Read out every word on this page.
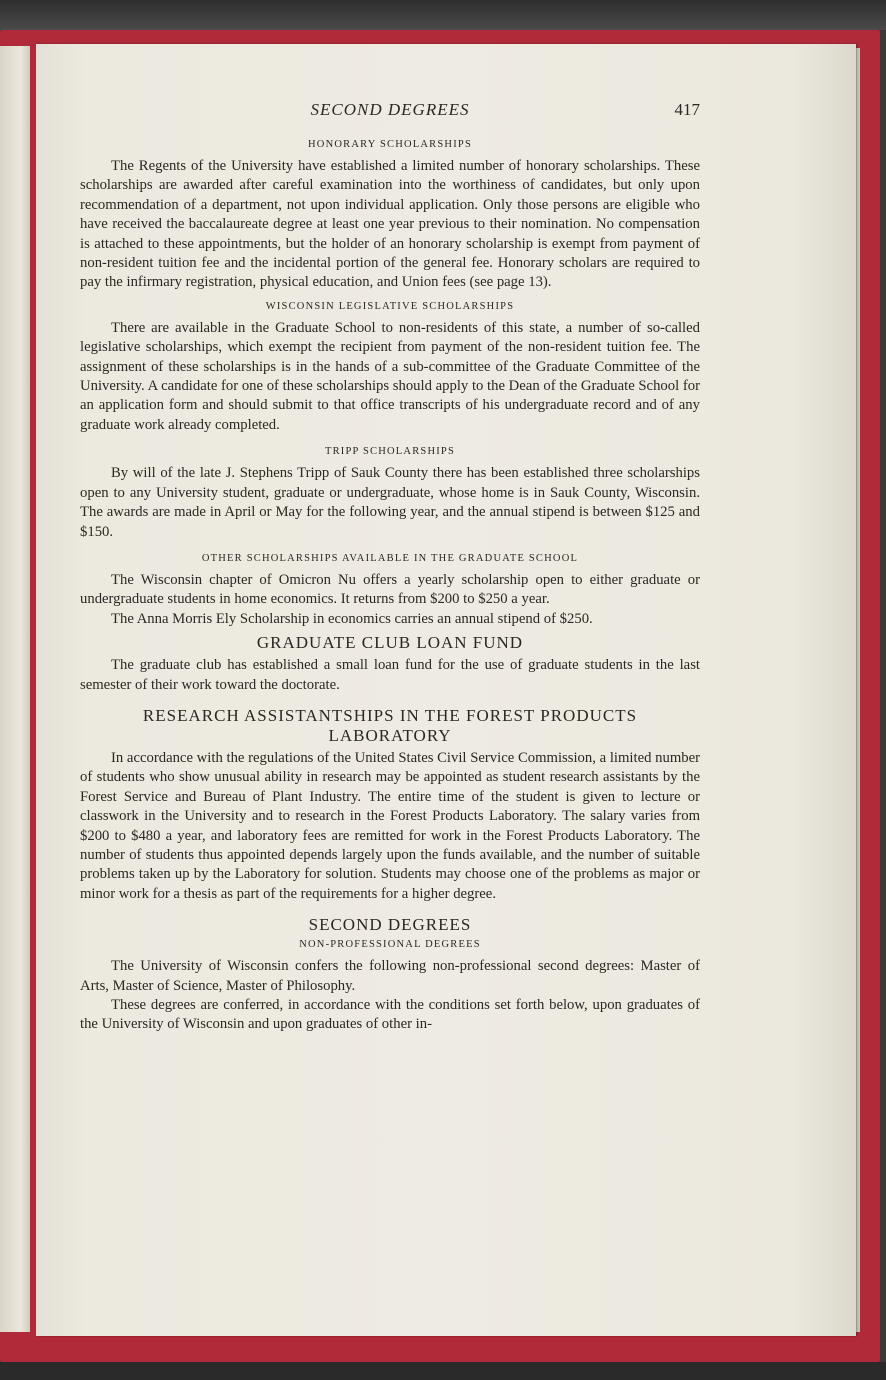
SECOND DEGREES	417
HONORARY SCHOLARSHIPS

The Regents of the University have established a limited number of honorary scholarships. These scholarships are awarded after careful examination into the worthiness of candidates, but only upon recommendation of a department, not upon individual application. Only those persons are eligible who have received the baccalaureate degree at least one year previous to their nomination. No compensation is attached to these appointments, but the holder of an honorary scholarship is exempt from payment of non-resident tuition fee and the incidental portion of the general fee. Honorary scholars are required to pay the infirmary registration, physical education, and Union fees (see page 13).

WISCONSIN LEGISLATIVE SCHOLARSHIPS

There are available in the Graduate School to non-residents of this state, a number of so-called legislative scholarships, which exempt the recipient from payment of the non-resident tuition fee. The assignment of these scholarships is in the hands of a sub-committee of the Graduate Committee of the University. A candidate for one of these scholarships should apply to the Dean of the Graduate School for an application form and should submit to that office transcripts of his undergraduate record and of any graduate work already completed.

TRIPP SCHOLARSHIPS

By will of the late J. Stephens Tripp of Sauk County there has been established three scholarships open to any University student, graduate or undergraduate, whose home is in Sauk County, Wisconsin. The awards are made in April or May for the following year, and the annual stipend is between $125 and $150.

OTHER SCHOLARSHIPS AVAILABLE IN THE GRADUATE SCHOOL

The Wisconsin chapter of Omicron Nu offers a yearly scholarship open to either graduate or undergraduate students in home economics. It returns from $200 to $250 a year.

The Anna Morris Ely Scholarship in economics carries an annual stipend of $250.

GRADUATE CLUB LOAN FUND

The graduate club has established a small loan fund for the use of graduate students in the last semester of their work toward the doctorate.

RESEARCH ASSISTANTSHIPS IN THE FOREST PRODUCTS
LABORATORY

In accordance with the regulations of the United States Civil Service Commission, a limited number of students who show unusual ability in research may be appointed as student research assistants by the Forest Service and Bureau of Plant Industry. The entire time of the student is given to lecture or classwork in the University and to research in the Forest Products Laboratory. The salary varies from $200 to $480 a year, and laboratory fees are remitted for work in the Forest Products Laboratory. The number of students thus appointed depends largely upon the funds available, and the number of suitable problems taken up by the Laboratory for solution. Students may choose one of the problems as major or minor work for a thesis as part of the requirements for a higher degree.

SECOND DEGREES
NON-PROFESSIONAL DEGREES

The University of Wisconsin confers the following non-professional second degrees: Master of Arts, Master of Science, Master of Philosophy.

These degrees are conferred, in accordance with the conditions set forth below, upon graduates of the University of Wisconsin and upon graduates of other in-
